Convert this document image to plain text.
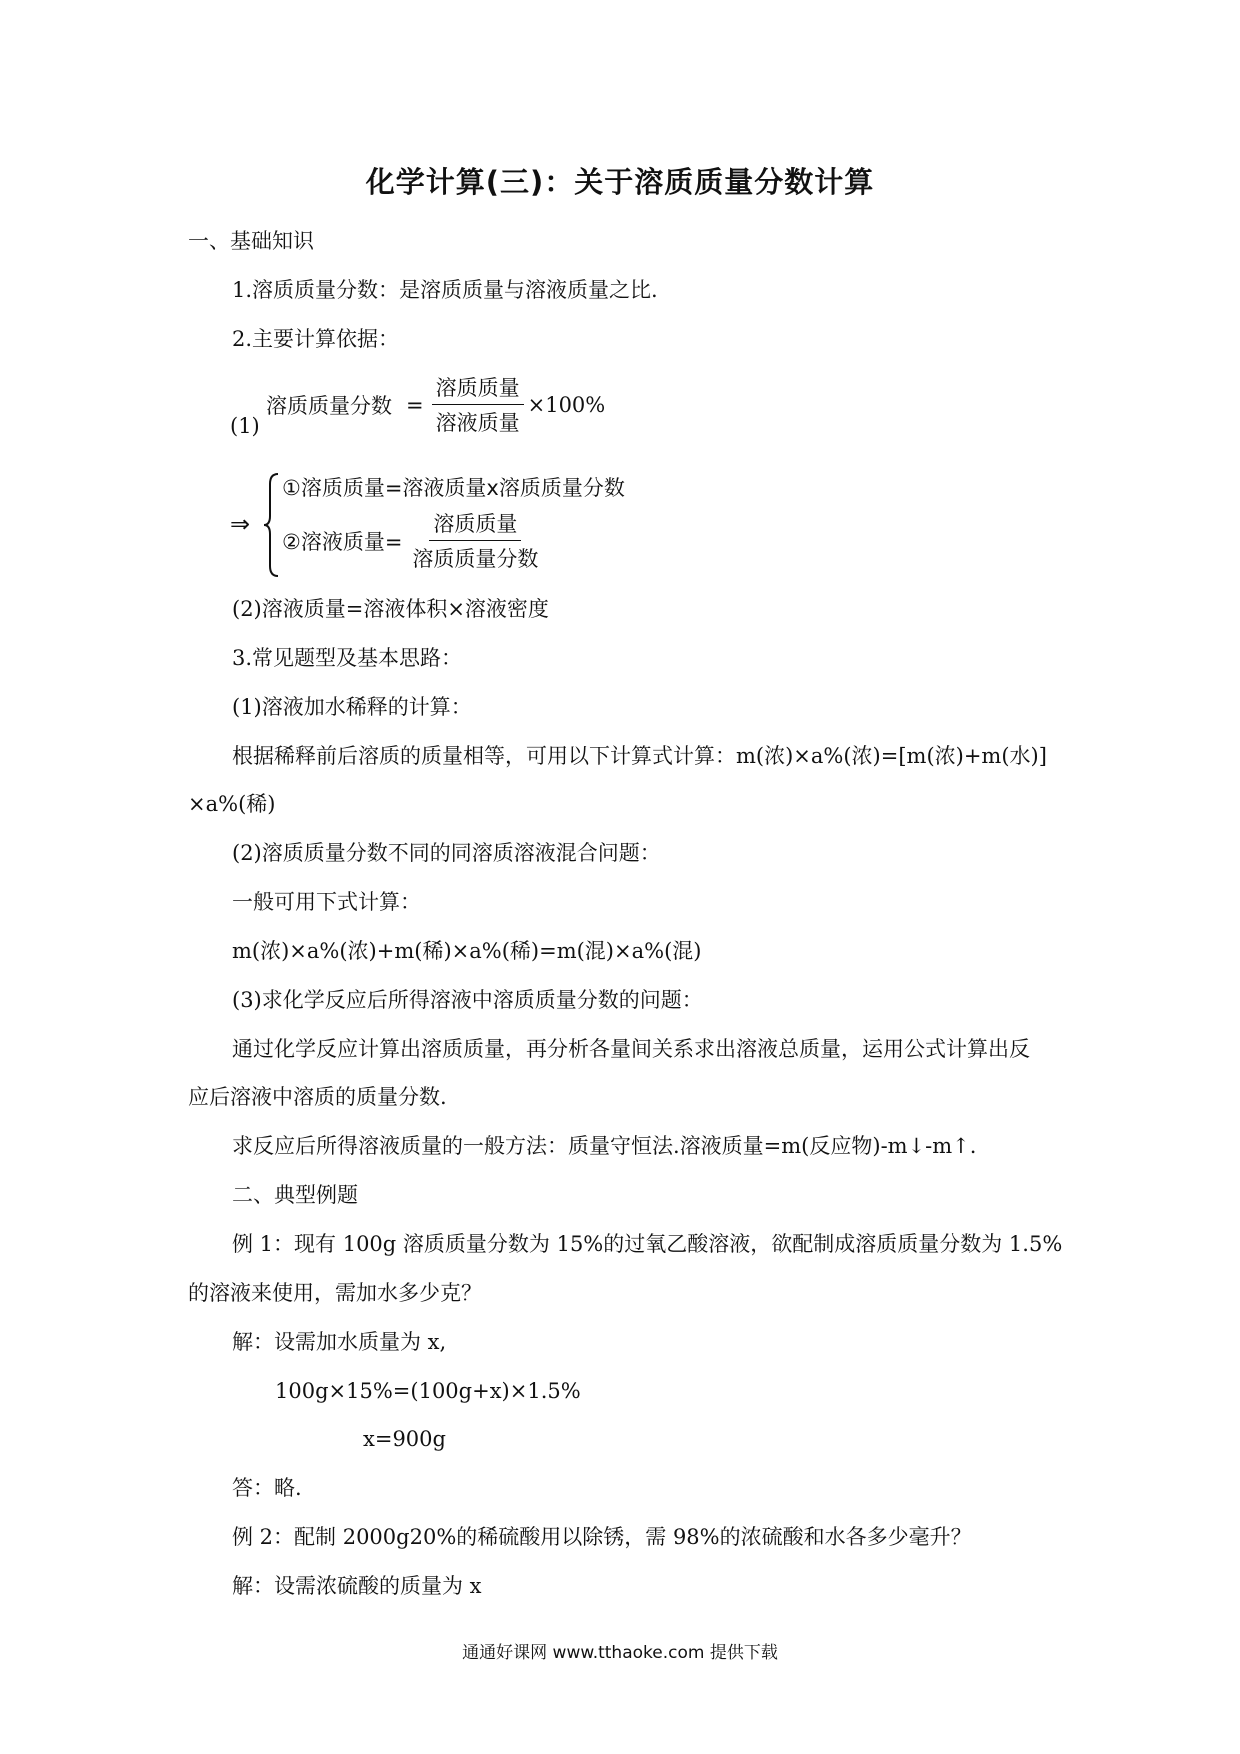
化学计算(三)：关于溶质质量分数计算
一、基础知识
1.溶质质量分数：是溶质质量与溶液质量之比.
2.主要计算依据：
(1)
溶质质量分数 = $\frac{\text{溶质质量}}{\text{溶液质量}} \times 100\%$
⇒
①溶质质量=溶液质量x溶质质量分数
②溶液质量= $\frac{\text{溶质质量}}{\text{溶质质量分数}}$
(2)溶液质量=溶液体积×溶液密度
3.常见题型及基本思路：
(1)溶液加水稀释的计算：
根据稀释前后溶质的质量相等，可用以下计算式计算：m(浓)×a%(浓)=[m(浓)+m(水)]
×a%(稀)
(2)溶质质量分数不同的同溶质溶液混合问题：
一般可用下式计算：
m(浓)×a%(浓)+m(稀)×a%(稀)=m(混)×a%(混)
(3)求化学反应后所得溶液中溶质质量分数的问题：
通过化学反应计算出溶质质量，再分析各量间关系求出溶液总质量，运用公式计算出反
应后溶液中溶质的质量分数.
求反应后所得溶液质量的一般方法：质量守恒法.溶液质量=m(反应物)-m↓-m↑.
二、典型例题
例 1：现有 100g 溶质质量分数为 15%的过氧乙酸溶液，欲配制成溶质质量分数为 1.5%
的溶液来使用，需加水多少克？
解：设需加水质量为 x,
100g×15%=(100g+x)×1.5%
x=900g
答：略.
例 2：配制 2000g20%的稀硫酸用以除锈，需 98%的浓硫酸和水各多少毫升？
解：设需浓硫酸的质量为 x
通通好课网 www.tthaoke.com 提供下载
